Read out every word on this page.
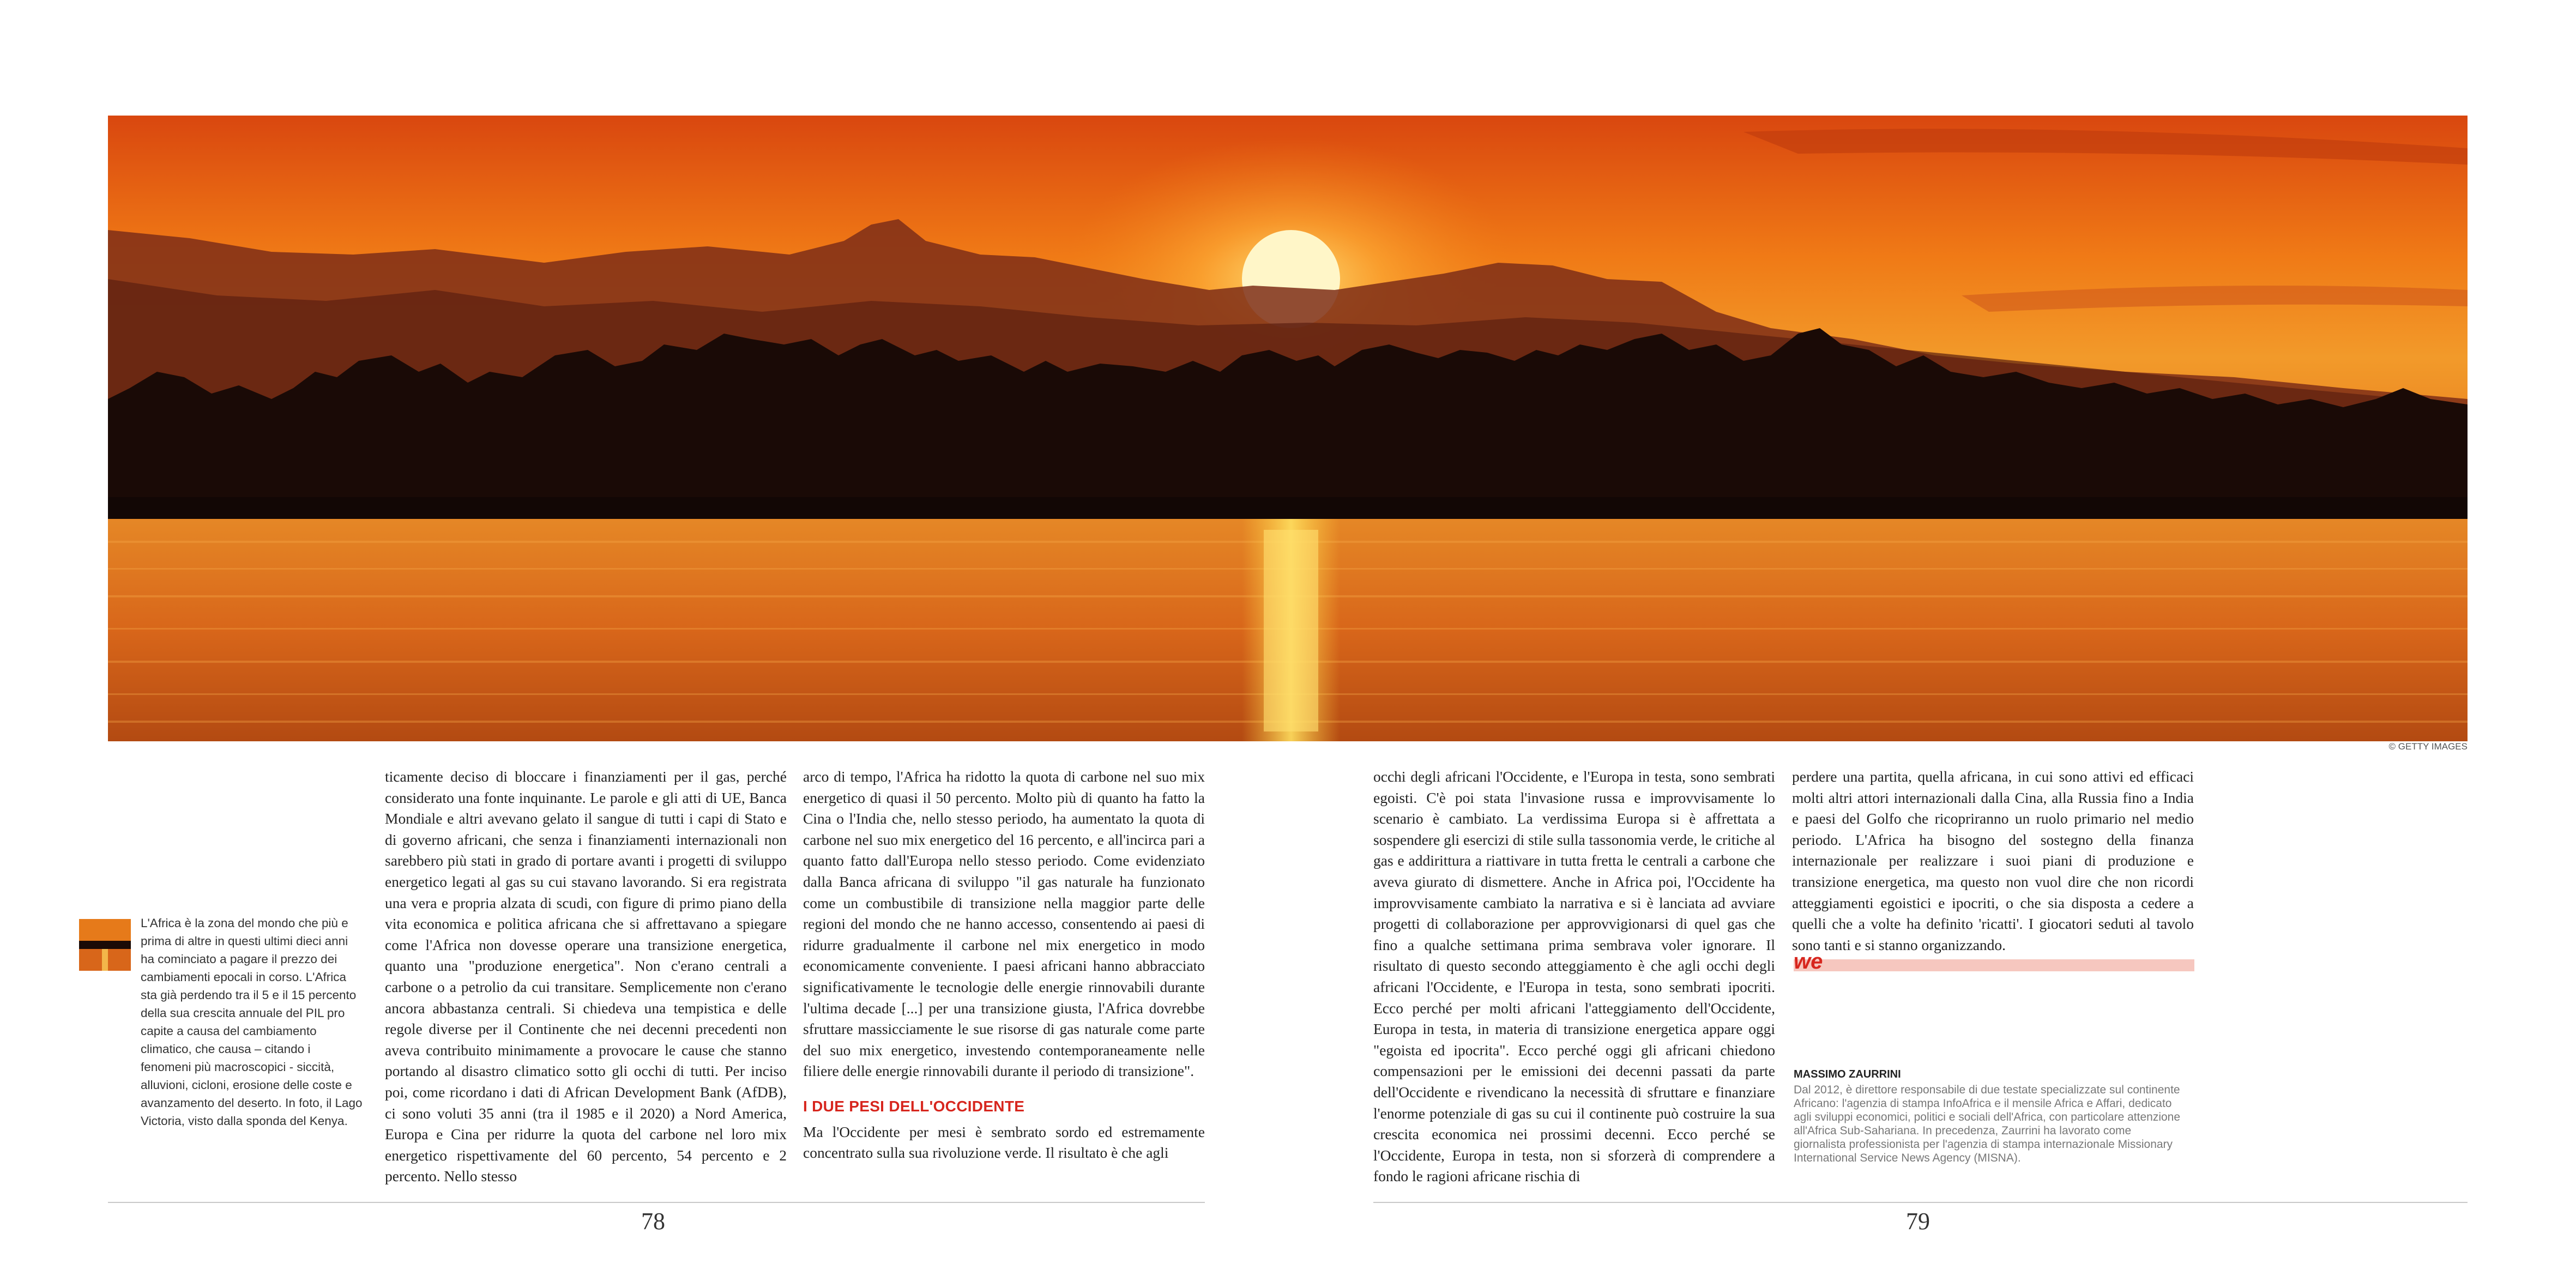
© GETTY IMAGES
L'Africa è la zona del mondo che più e prima di altre in questi ultimi dieci anni ha cominciato a pagare il prezzo dei cambiamenti epocali in corso. L'Africa sta già perdendo tra il 5 e il 15 percento della sua crescita annuale del PIL pro capite a causa del cambiamento climatico, che causa – citando i fenomeni più macroscopici - siccità, alluvioni, cicloni, erosione delle coste e avanzamento del deserto. In foto, il Lago Victoria, visto dalla sponda del Kenya.

ticamente deciso di bloccare i finanziamenti per il gas, perché considerato una fonte inquinante. Le parole e gli atti di UE, Banca Mondiale e altri avevano gelato il sangue di tutti i capi di Stato e di governo africani, che senza i finanziamenti internazionali non sarebbero più stati in grado di portare avanti i progetti di sviluppo energetico legati al gas su cui stavano lavorando. Si era registrata una vera e propria alzata di scudi, con figure di primo piano della vita economica e politica africana che si affrettavano a spiegare come l'Africa non dovesse operare una transizione energetica, quanto una "produzione energetica". Non c'erano centrali a carbone o a petrolio da cui transitare. Semplicemente non c'erano ancora abbastanza centrali. Si chiedeva una tempistica e delle regole diverse per il Continente che nei decenni precedenti non aveva contribuito minimamente a provocare le cause che stanno portando al disastro climatico sotto gli occhi di tutti. Per inciso poi, come ricordano i dati di African Development Bank (AfDB), ci sono voluti 35 anni (tra il 1985 e il 2020) a Nord America, Europa e Cina per ridurre la quota del carbone nel loro mix energetico rispettivamente del 60 percento, 54 percento e 2 percento. Nello stesso

arco di tempo, l'Africa ha ridotto la quota di carbone nel suo mix energetico di quasi il 50 percento. Molto più di quanto ha fatto la Cina o l'India che, nello stesso periodo, ha aumentato la quota di carbone nel suo mix energetico del 16 percento, e all'incirca pari a quanto fatto dall'Europa nello stesso periodo. Come evidenziato dalla Banca africana di sviluppo "il gas naturale ha funzionato come un combustibile di transizione nella maggior parte delle regioni del mondo che ne hanno accesso, consentendo ai paesi di ridurre gradualmente il carbone nel mix energetico in modo economicamente conveniente. I paesi africani hanno abbracciato significativamente le tecnologie delle energie rinnovabili durante l'ultima decade [...] per una transizione giusta, l'Africa dovrebbe sfruttare massicciamente le sue risorse di gas naturale come parte del suo mix energetico, investendo contemporaneamente nelle filiere delle energie rinnovabili durante il periodo di transizione".

I DUE PESI DELL'OCCIDENTE

Ma l'Occidente per mesi è sembrato sordo ed estremamente concentrato sulla sua rivoluzione verde. Il risultato è che agli

occhi degli africani l'Occidente, e l'Europa in testa, sono sembrati egoisti. C'è poi stata l'invasione russa e improvvisamente lo scenario è cambiato. La verdissima Europa si è affrettata a sospendere gli esercizi di stile sulla tassonomia verde, le critiche al gas e addirittura a riattivare in tutta fretta le centrali a carbone che aveva giurato di dismettere. Anche in Africa poi, l'Occidente ha improvvisamente cambiato la narrativa e si è lanciata ad avviare progetti di collaborazione per approvvigionarsi di quel gas che fino a qualche settimana prima sembrava voler ignorare. Il risultato di questo secondo atteggiamento è che agli occhi degli africani l'Occidente, e l'Europa in testa, sono sembrati ipocriti. Ecco perché per molti africani l'atteggiamento dell'Occidente, Europa in testa, in materia di transizione energetica appare oggi "egoista ed ipocrita". Ecco perché oggi gli africani chiedono compensazioni per le emissioni dei decenni passati da parte dell'Occidente e rivendicano la necessità di sfruttare e finanziare l'enorme potenziale di gas su cui il continente può costruire la sua crescita economica nei prossimi decenni. Ecco perché se l'Occidente, Europa in testa, non si sforzerà di comprendere a fondo le ragioni africane rischia di

perdere una partita, quella africana, in cui sono attivi ed efficaci molti altri attori internazionali dalla Cina, alla Russia fino a India e paesi del Golfo che ricopriranno un ruolo primario nel medio periodo. L'Africa ha bisogno del sostegno della finanza internazionale per realizzare i suoi piani di produzione e transizione energetica, ma questo non vuol dire che non ricordi atteggiamenti egoistici e ipocriti, o che sia disposta a cedere a quelli che a volte ha definito 'ricatti'. I giocatori seduti al tavolo sono tanti e si stanno organizzando.

we
MASSIMO ZAURRINI
Dal 2012, è direttore responsabile di due testate specializzate sul continente Africano: l'agenzia di stampa InfoAfrica e il mensile Africa e Affari, dedicato agli sviluppi economici, politici e sociali dell'Africa, con particolare attenzione all'Africa Sub-Sahariana. In precedenza, Zaurrini ha lavorato come giornalista professionista per l'agenzia di stampa internazionale Missionary International Service News Agency (MISNA).
78	79
